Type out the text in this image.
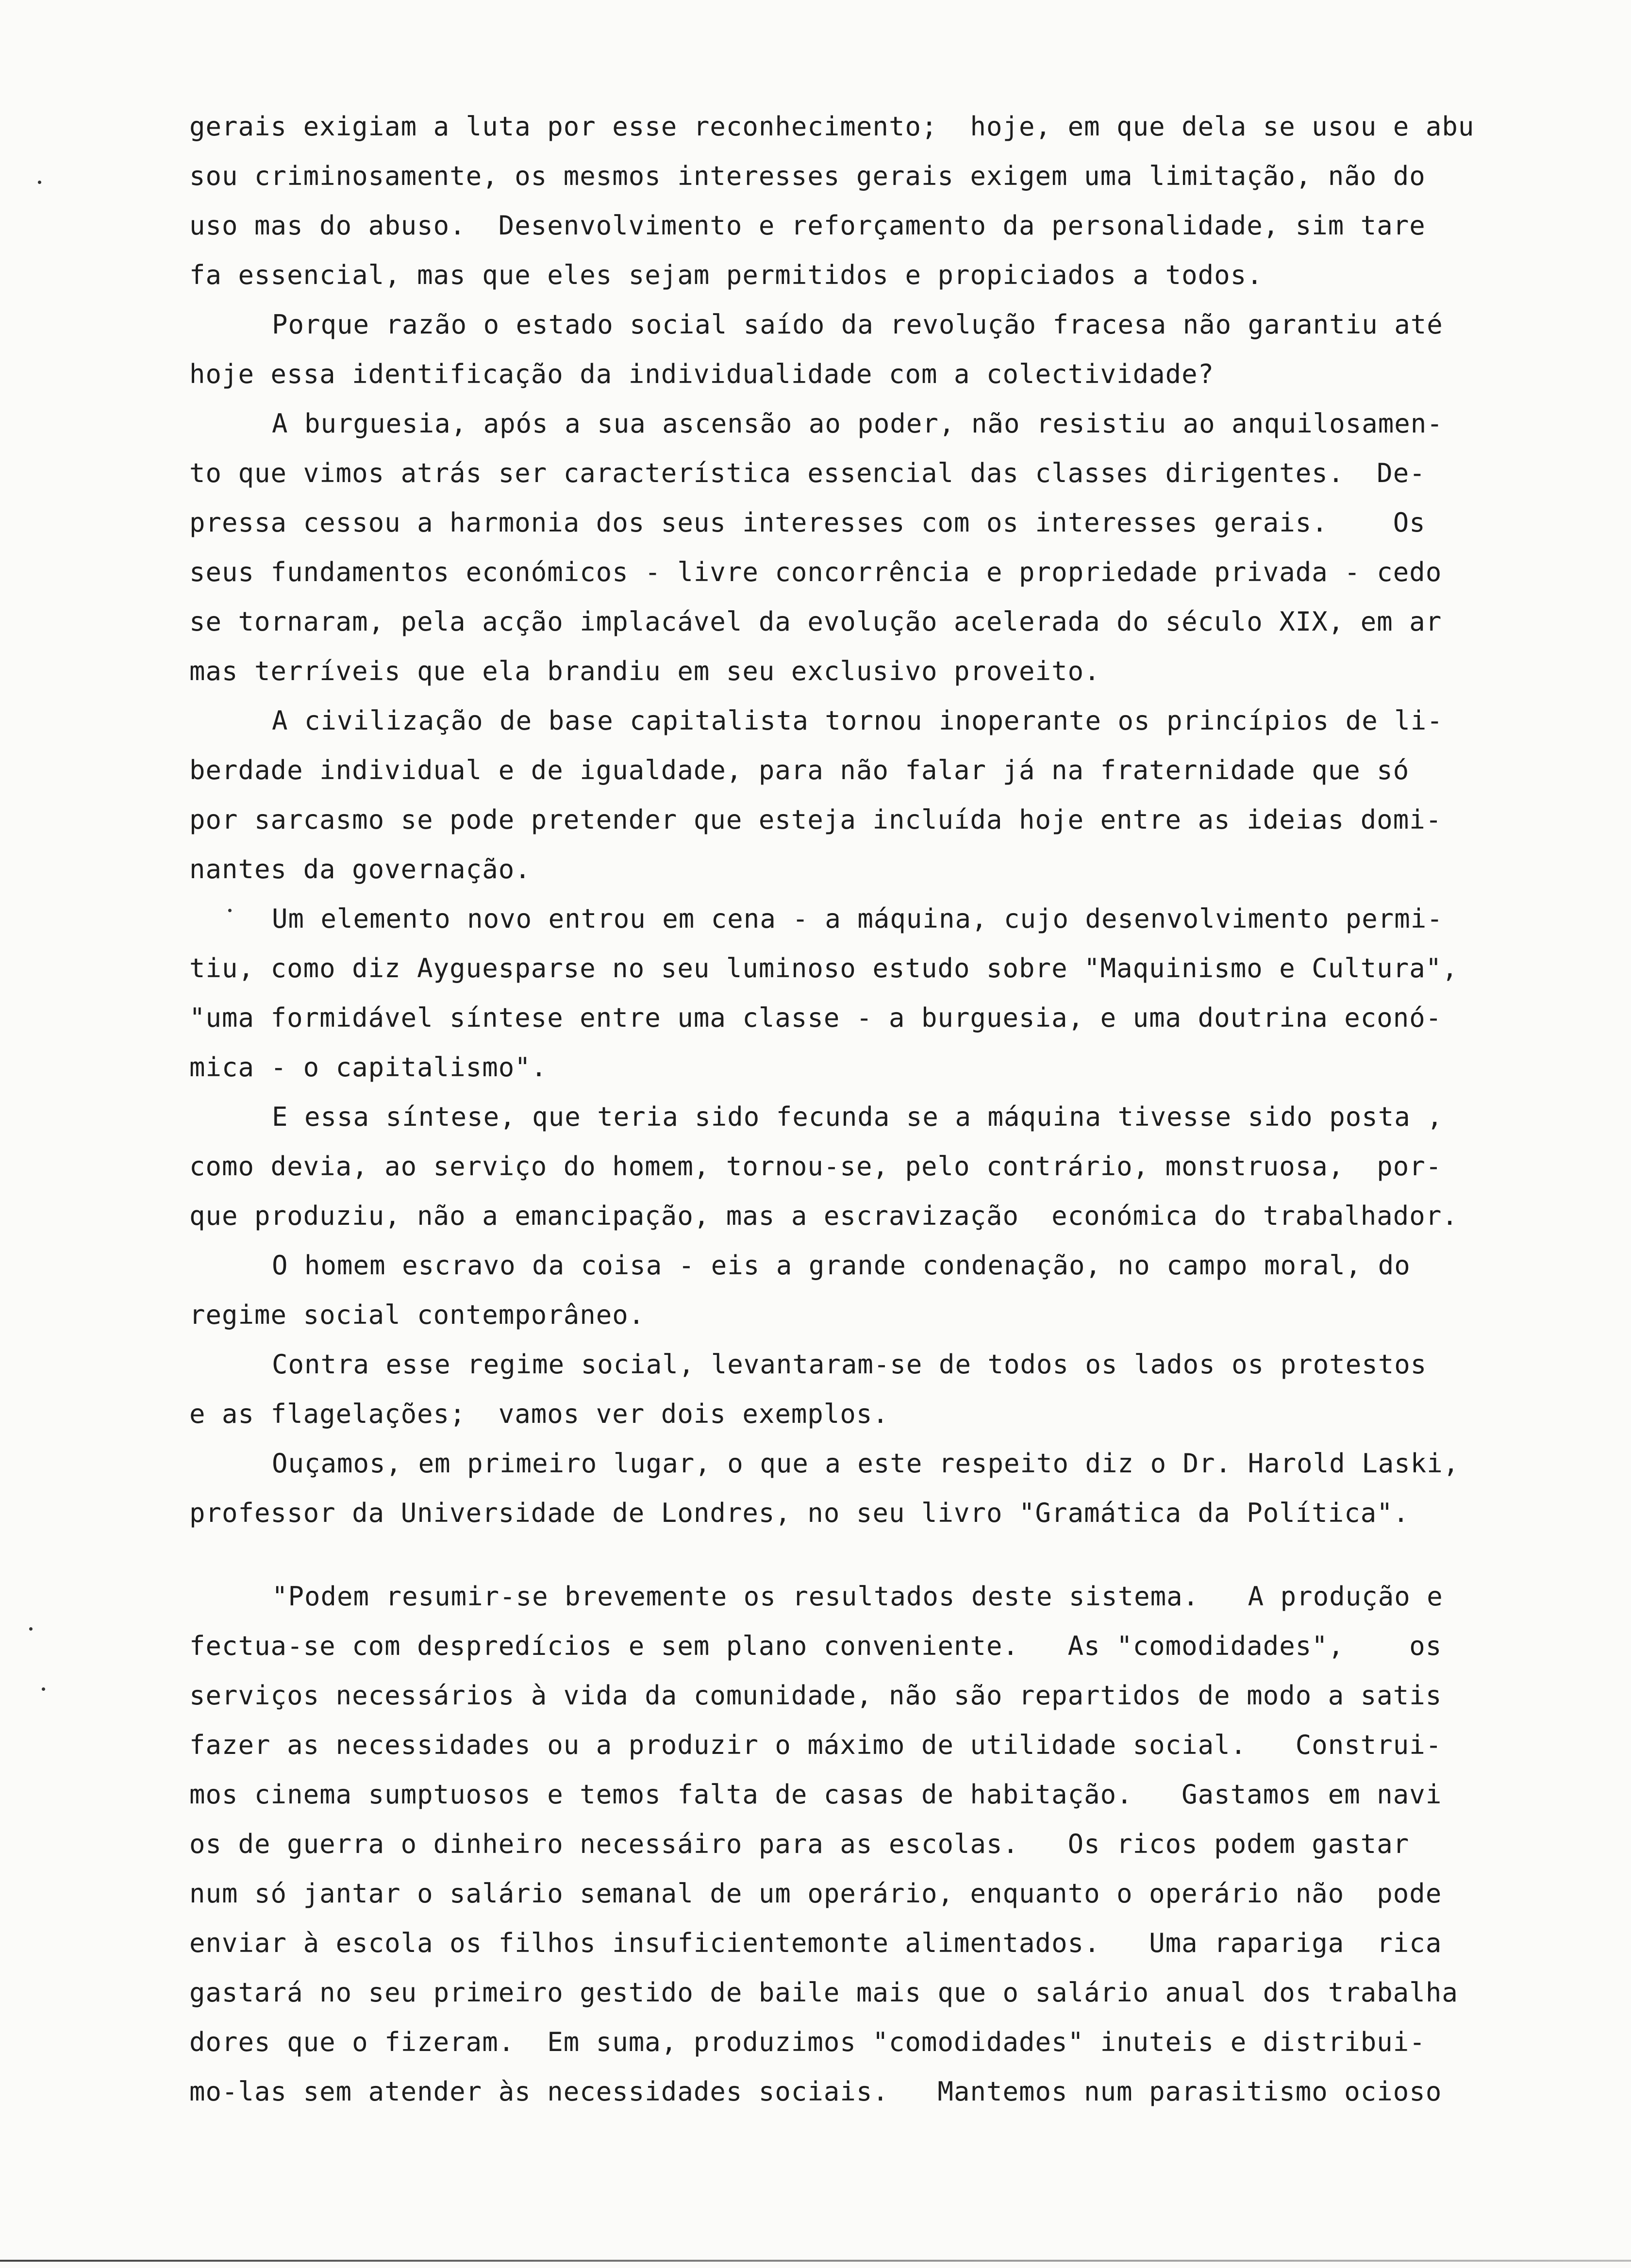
gerais exigiam a luta por esse reconhecimento;  hoje, em que dela se usou e abu
sou criminosamente, os mesmos interesses gerais exigem uma limitação, não do
uso mas do abuso.  Desenvolvimento e reforçamento da personalidade, sim tare
fa essencial, mas que eles sejam permitidos e propiciados a todos.
Porque razão o estado social saído da revolução fracesa não garantiu até
hoje essa identificação da individualidade com a colectividade?
A burguesia, após a sua ascensão ao poder, não resistiu ao anquilosamen-
to que vimos atrás ser característica essencial das classes dirigentes.  De-
pressa cessou a harmonia dos seus interesses com os interesses gerais.    Os
seus fundamentos económicos - livre concorrência e propriedade privada - cedo
se tornaram, pela acção implacável da evolução acelerada do século XIX, em ar
mas terríveis que ela brandiu em seu exclusivo proveito.
A civilização de base capitalista tornou inoperante os princípios de li-
berdade individual e de igualdade, para não falar já na fraternidade que só
por sarcasmo se pode pretender que esteja incluída hoje entre as ideias domi-
nantes da governação.
Um elemento novo entrou em cena - a máquina, cujo desenvolvimento permi-
tiu, como diz Ayguesparse no seu luminoso estudo sobre "Maquinismo e Cultura",
"uma formidável síntese entre uma classe - a burguesia, e uma doutrina econó-
mica - o capitalismo".
E essa síntese, que teria sido fecunda se a máquina tivesse sido posta ,
como devia, ao serviço do homem, tornou-se, pelo contrário, monstruosa,  por-
que produziu, não a emancipação, mas a escravização  económica do trabalhador.
O homem escravo da coisa - eis a grande condenação, no campo moral, do
regime social contemporâneo.
Contra esse regime social, levantaram-se de todos os lados os protestos
e as flagelações;  vamos ver dois exemplos.
Ouçamos, em primeiro lugar, o que a este respeito diz o Dr. Harold Laski,
professor da Universidade de Londres, no seu livro "Gramática da Política".
"Podem resumir-se brevemente os resultados deste sistema.   A produção e
fectua-se com despredícios e sem plano conveniente.   As "comodidades",    os
serviços necessários à vida da comunidade, não são repartidos de modo a satis
fazer as necessidades ou a produzir o máximo de utilidade social.   Construi-
mos cinema sumptuosos e temos falta de casas de habitação.   Gastamos em navi
os de guerra o dinheiro necessáiro para as escolas.   Os ricos podem gastar
num só jantar o salário semanal de um operário, enquanto o operário não  pode
enviar à escola os filhos insuficientemonte alimentados.   Uma rapariga  rica
gastará no seu primeiro gestido de baile mais que o salário anual dos trabalha
dores que o fizeram.  Em suma, produzimos "comodidades" inuteis e distribui-
mo-las sem atender às necessidades sociais.   Mantemos num parasitismo ocioso
